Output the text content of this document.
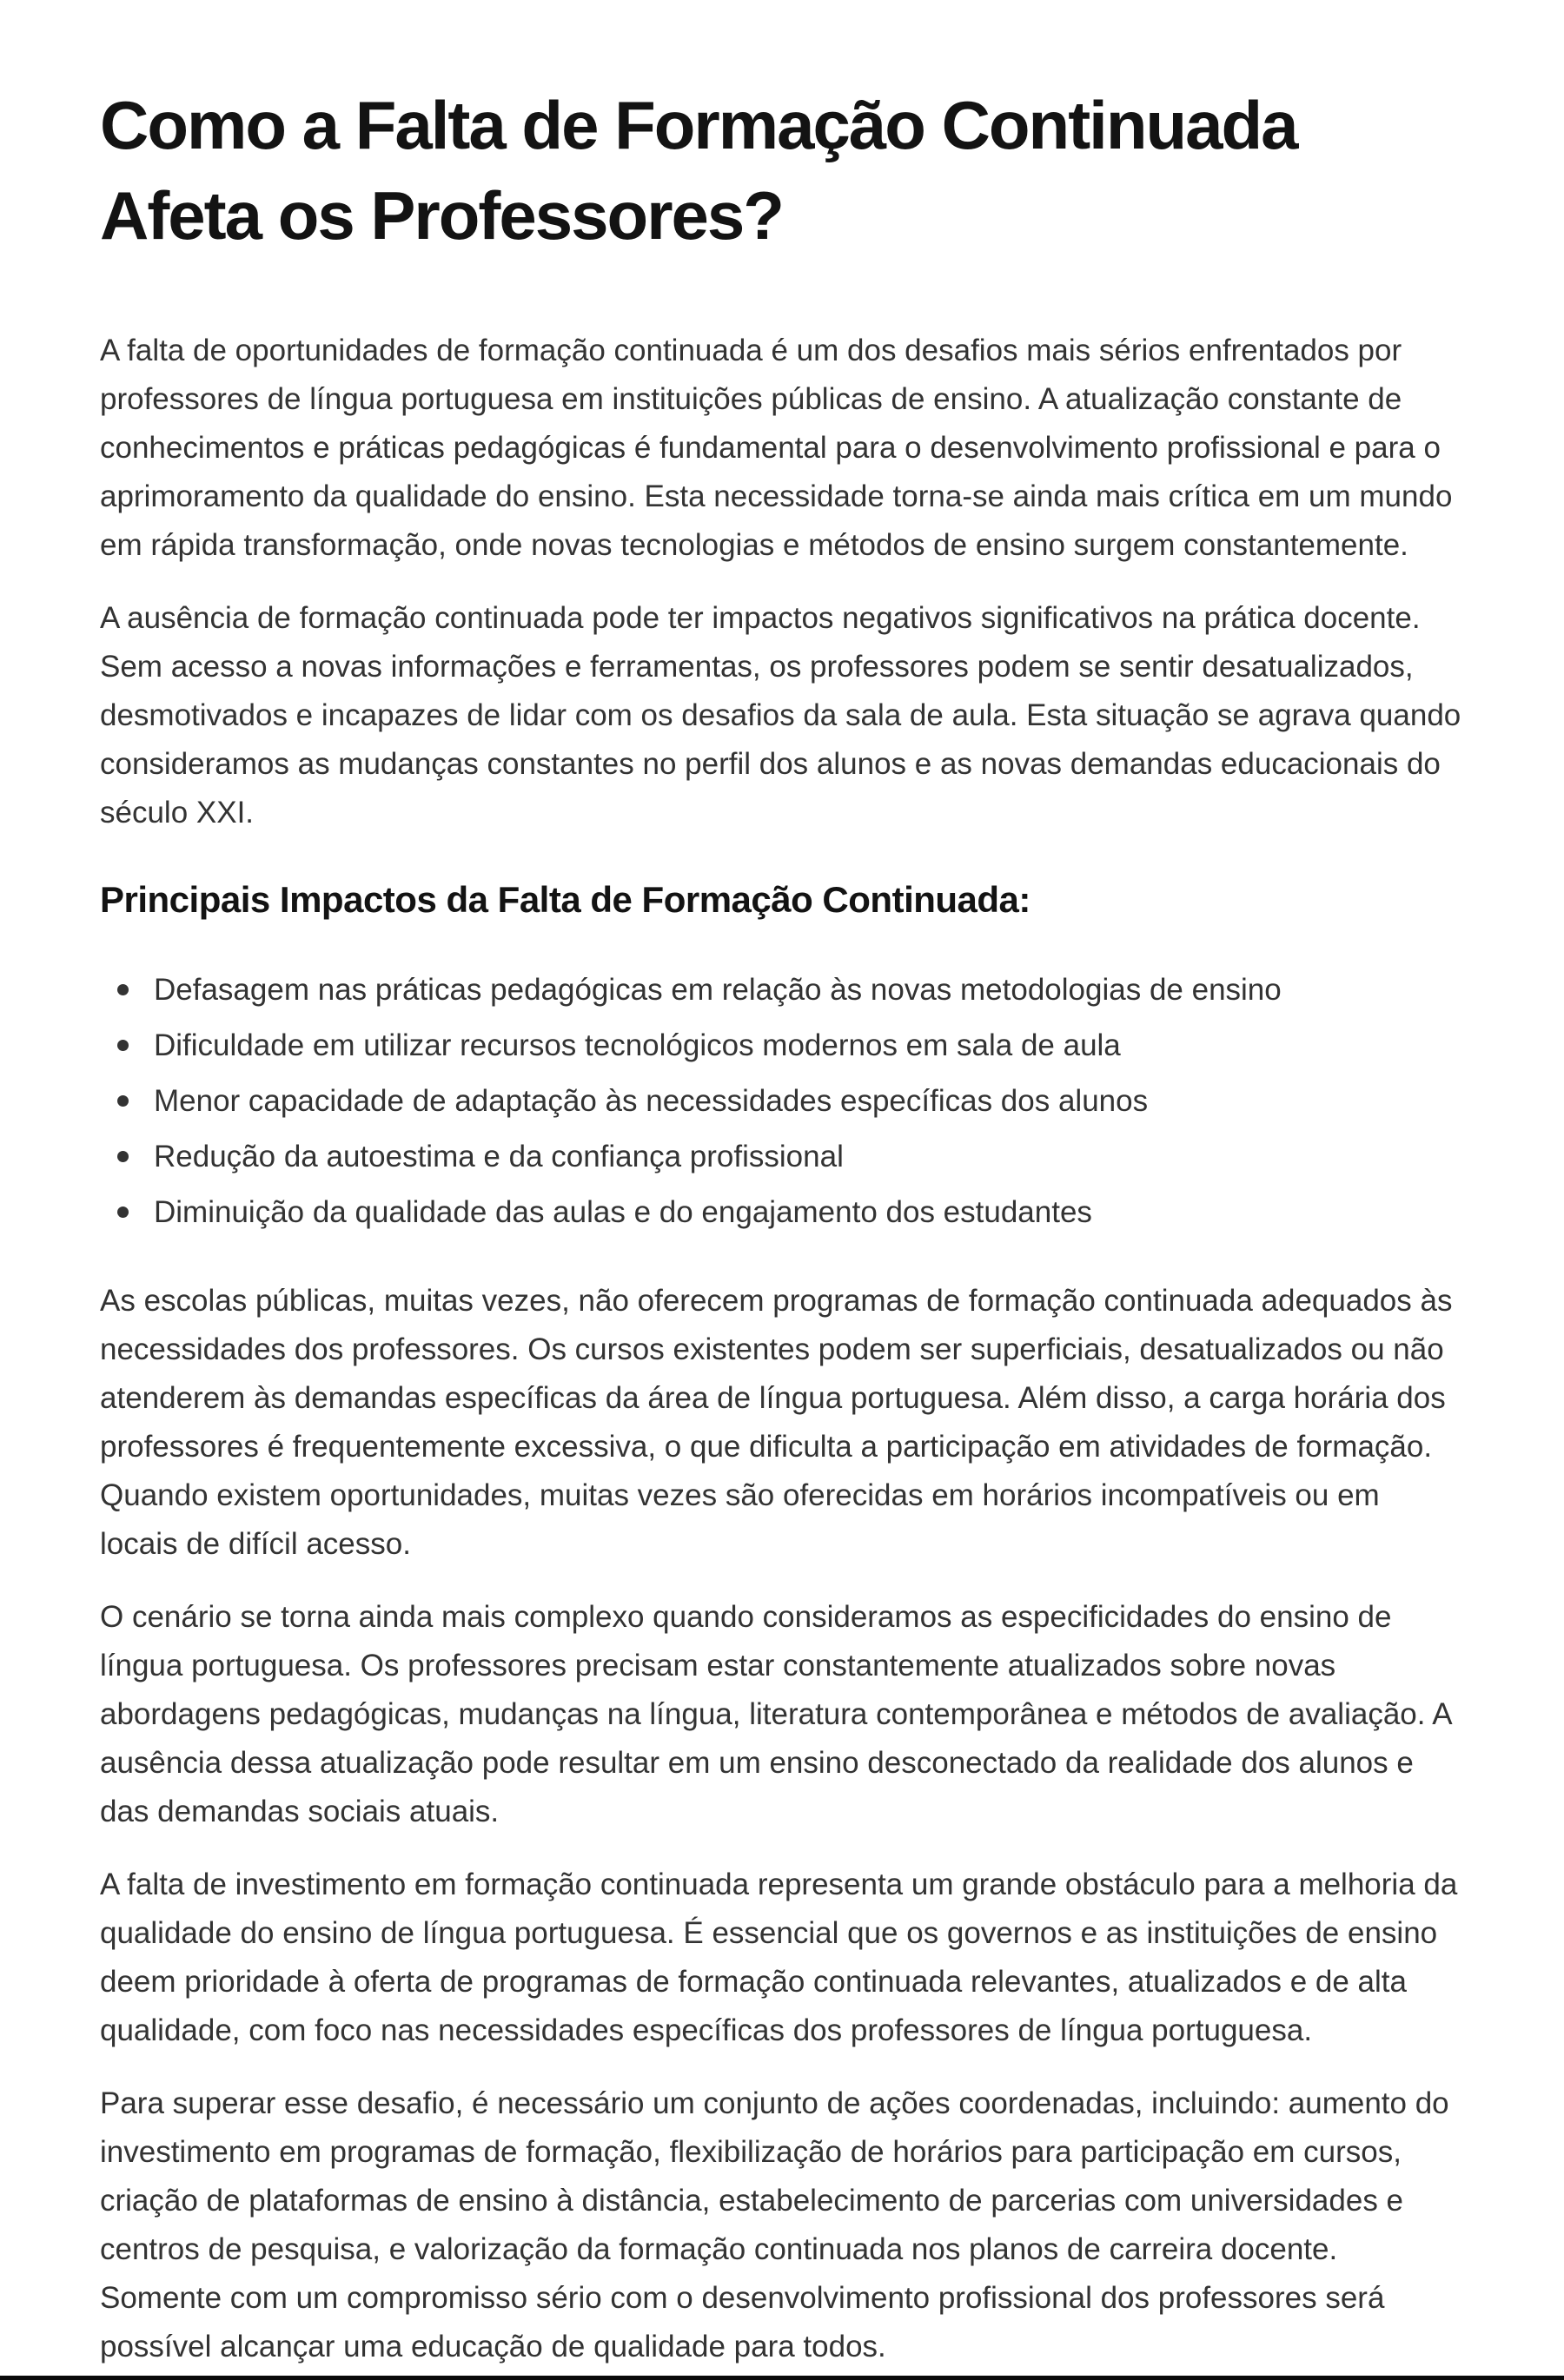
Como a Falta de Formação Continuada Afeta os Professores?

A falta de oportunidades de formação continuada é um dos desafios mais sérios enfrentados por professores de língua portuguesa em instituições públicas de ensino. A atualização constante de conhecimentos e práticas pedagógicas é fundamental para o desenvolvimento profissional e para o aprimoramento da qualidade do ensino. Esta necessidade torna-se ainda mais crítica em um mundo em rápida transformação, onde novas tecnologias e métodos de ensino surgem constantemente.

A ausência de formação continuada pode ter impactos negativos significativos na prática docente. Sem acesso a novas informações e ferramentas, os professores podem se sentir desatualizados, desmotivados e incapazes de lidar com os desafios da sala de aula. Esta situação se agrava quando consideramos as mudanças constantes no perfil dos alunos e as novas demandas educacionais do século XXI.

Principais Impactos da Falta de Formação Continuada:
Defasagem nas práticas pedagógicas em relação às novas metodologias de ensino
Dificuldade em utilizar recursos tecnológicos modernos em sala de aula
Menor capacidade de adaptação às necessidades específicas dos alunos
Redução da autoestima e da confiança profissional
Diminuição da qualidade das aulas e do engajamento dos estudantes

As escolas públicas, muitas vezes, não oferecem programas de formação continuada adequados às necessidades dos professores. Os cursos existentes podem ser superficiais, desatualizados ou não atenderem às demandas específicas da área de língua portuguesa. Além disso, a carga horária dos professores é frequentemente excessiva, o que dificulta a participação em atividades de formação. Quando existem oportunidades, muitas vezes são oferecidas em horários incompatíveis ou em locais de difícil acesso.

O cenário se torna ainda mais complexo quando consideramos as especificidades do ensino de língua portuguesa. Os professores precisam estar constantemente atualizados sobre novas abordagens pedagógicas, mudanças na língua, literatura contemporânea e métodos de avaliação. A ausência dessa atualização pode resultar em um ensino desconectado da realidade dos alunos e das demandas sociais atuais.

A falta de investimento em formação continuada representa um grande obstáculo para a melhoria da qualidade do ensino de língua portuguesa. É essencial que os governos e as instituições de ensino deem prioridade à oferta de programas de formação continuada relevantes, atualizados e de alta qualidade, com foco nas necessidades específicas dos professores de língua portuguesa.

Para superar esse desafio, é necessário um conjunto de ações coordenadas, incluindo: aumento do investimento em programas de formação, flexibilização de horários para participação em cursos, criação de plataformas de ensino à distância, estabelecimento de parcerias com universidades e centros de pesquisa, e valorização da formação continuada nos planos de carreira docente. Somente com um compromisso sério com o desenvolvimento profissional dos professores será possível alcançar uma educação de qualidade para todos.
